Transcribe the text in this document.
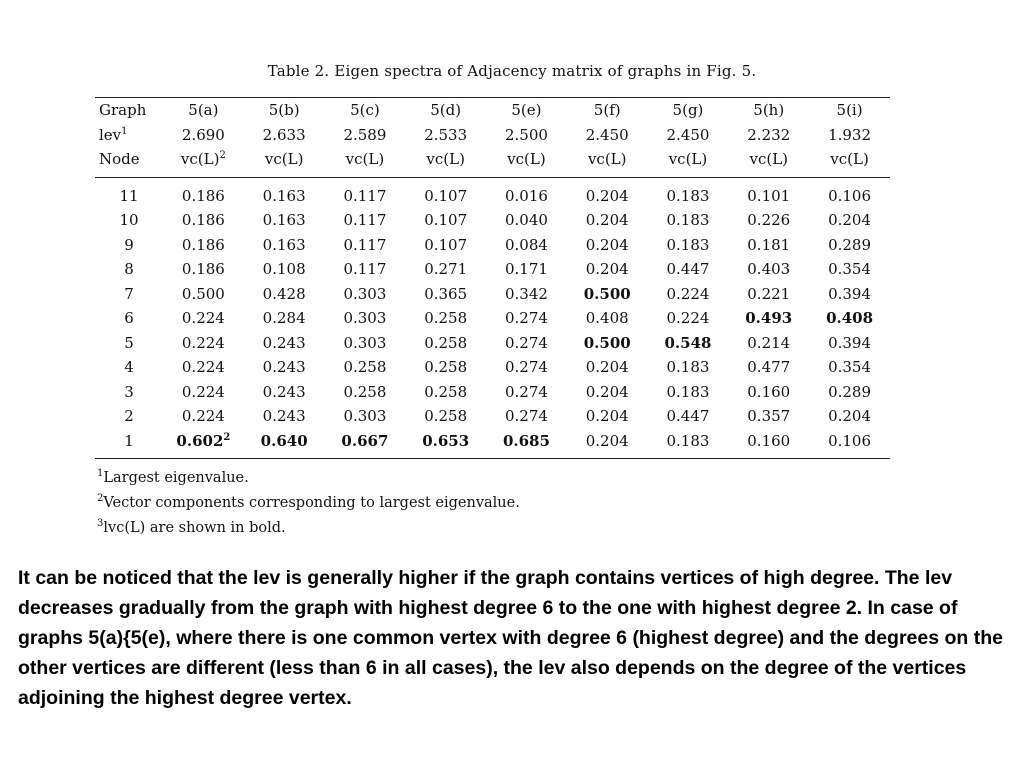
Table 2. Eigen spectra of Adjacency matrix of graphs in Fig. 5.
Graph	5(a)	5(b)	5(c)	5(d)	5(e)	5(f)	5(g)	5(h)	5(i)
lev$^1$	2.690	2.633	2.589	2.533	2.500	2.450	2.450	2.232	1.932
Node	$vc(L)^2$	vc(L)	vc(L)	vc(L)	vc(L)	vc(L)	vc(L)	vc(L)	vc(L)
11	0.186	0.163	0.117	0.107	0.016	0.204	0.183	0.101	0.106
10	0.186	0.163	0.117	0.107	0.040	0.204	0.183	0.226	0.204
9	0.186	0.163	0.117	0.107	0.084	0.204	0.183	0.181	0.289
8	0.186	0.108	0.117	0.271	0.171	0.204	0.447	0.403	0.354
7	0.500	0.428	0.303	0.365	0.342	0.500	0.224	0.221	0.394
6	0.224	0.284	0.303	0.258	0.274	0.408	0.224	0.493	0.408
5	0.224	0.243	0.303	0.258	0.274	0.500	0.548	0.214	0.394
4	0.224	0.243	0.258	0.258	0.274	0.204	0.183	0.477	0.354
3	0.224	0.243	0.258	0.258	0.274	0.204	0.183	0.160	0.289
2	0.224	0.243	0.303	0.258	0.274	0.204	0.447	0.357	0.204
1	0.602$^2$	0.640	0.667	0.653	0.685	0.204	0.183	0.160	0.106
$^1$Largest eigenvalue.
$^2$Vector components corresponding to largest eigenvalue.
$^3$lvc(L) are shown in bold.
It can be noticed that the lev is generally higher if the graph contains vertices of high degree. The lev decreases gradually from the graph with highest degree 6 to the one with highest degree 2. In case of graphs 5(a){5(e), where there is one common vertex with degree 6 (highest degree) and the degrees on the other vertices are different (less than 6 in all cases), the lev also depends on the degree of the vertices adjoining the highest degree vertex.
